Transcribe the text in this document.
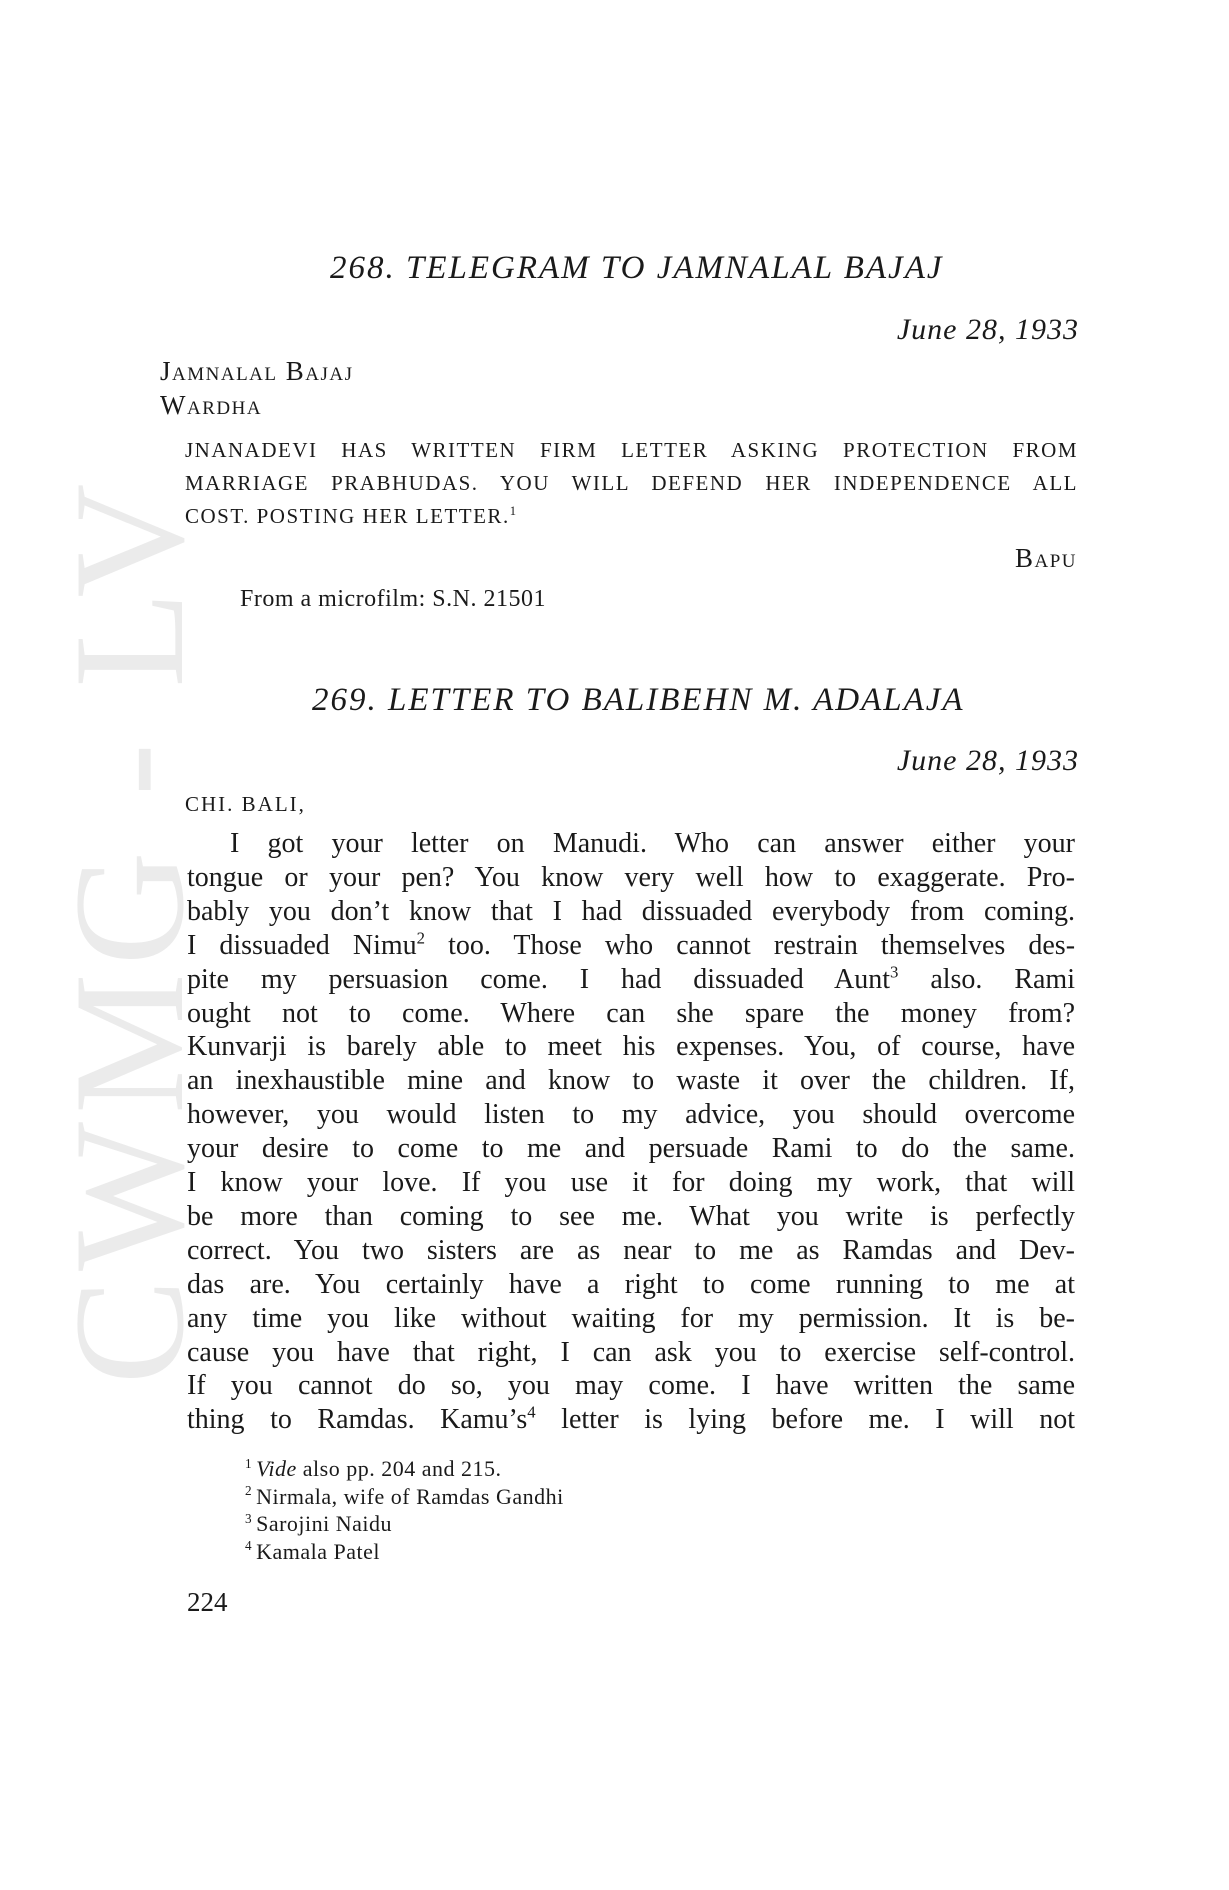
CWMG - LV
268. TELEGRAM TO JAMNALAL BAJAJ
June 28, 1933
Jamnalal Bajaj
Wardha
JNANADEVI HAS WRITTEN FIRM LETTER ASKING PROTECTION FROM
MARRIAGE PRABHUDAS. YOU WILL DEFEND HER INDEPENDENCE ALL
COST. POSTING HER LETTER.$^1$
Bapu
From a microfilm: S.N. 21501
269. LETTER TO BALIBEHN M. ADALAJA
June 28, 1933
CHI. BALI,
I got your letter on Manudi. Who can answer either your
tongue or your pen? You know very well how to exaggerate. Pro-
bably you don’t know that I had dissuaded everybody from coming.
I dissuaded Nimu$^2$ too. Those who cannot restrain themselves des-
pite my persuasion come. I had dissuaded Aunt$^3$ also. Rami
ought not to come. Where can she spare the money from?
Kunvarji is barely able to meet his expenses. You, of course, have
an inexhaustible mine and know to waste it over the children. If,
however, you would listen to my advice, you should overcome
your desire to come to me and persuade Rami to do the same.
I know your love. If you use it for doing my work, that will
be more than coming to see me. What you write is perfectly
correct. You two sisters are as near to me as Ramdas and Dev-
das are. You certainly have a right to come running to me at
any time you like without waiting for my permission. It is be-
cause you have that right, I can ask you to exercise self-control.
If you cannot do so, you may come. I have written the same
thing to Ramdas. $Kamu’s^4$ letter is lying before me. I will not
$^1$ Vide also pp. 204 and 215.
$^2$ Nirmala, wife of Ramdas Gandhi
$^3$ Sarojini Naidu
$^4$ Kamala Patel
224
